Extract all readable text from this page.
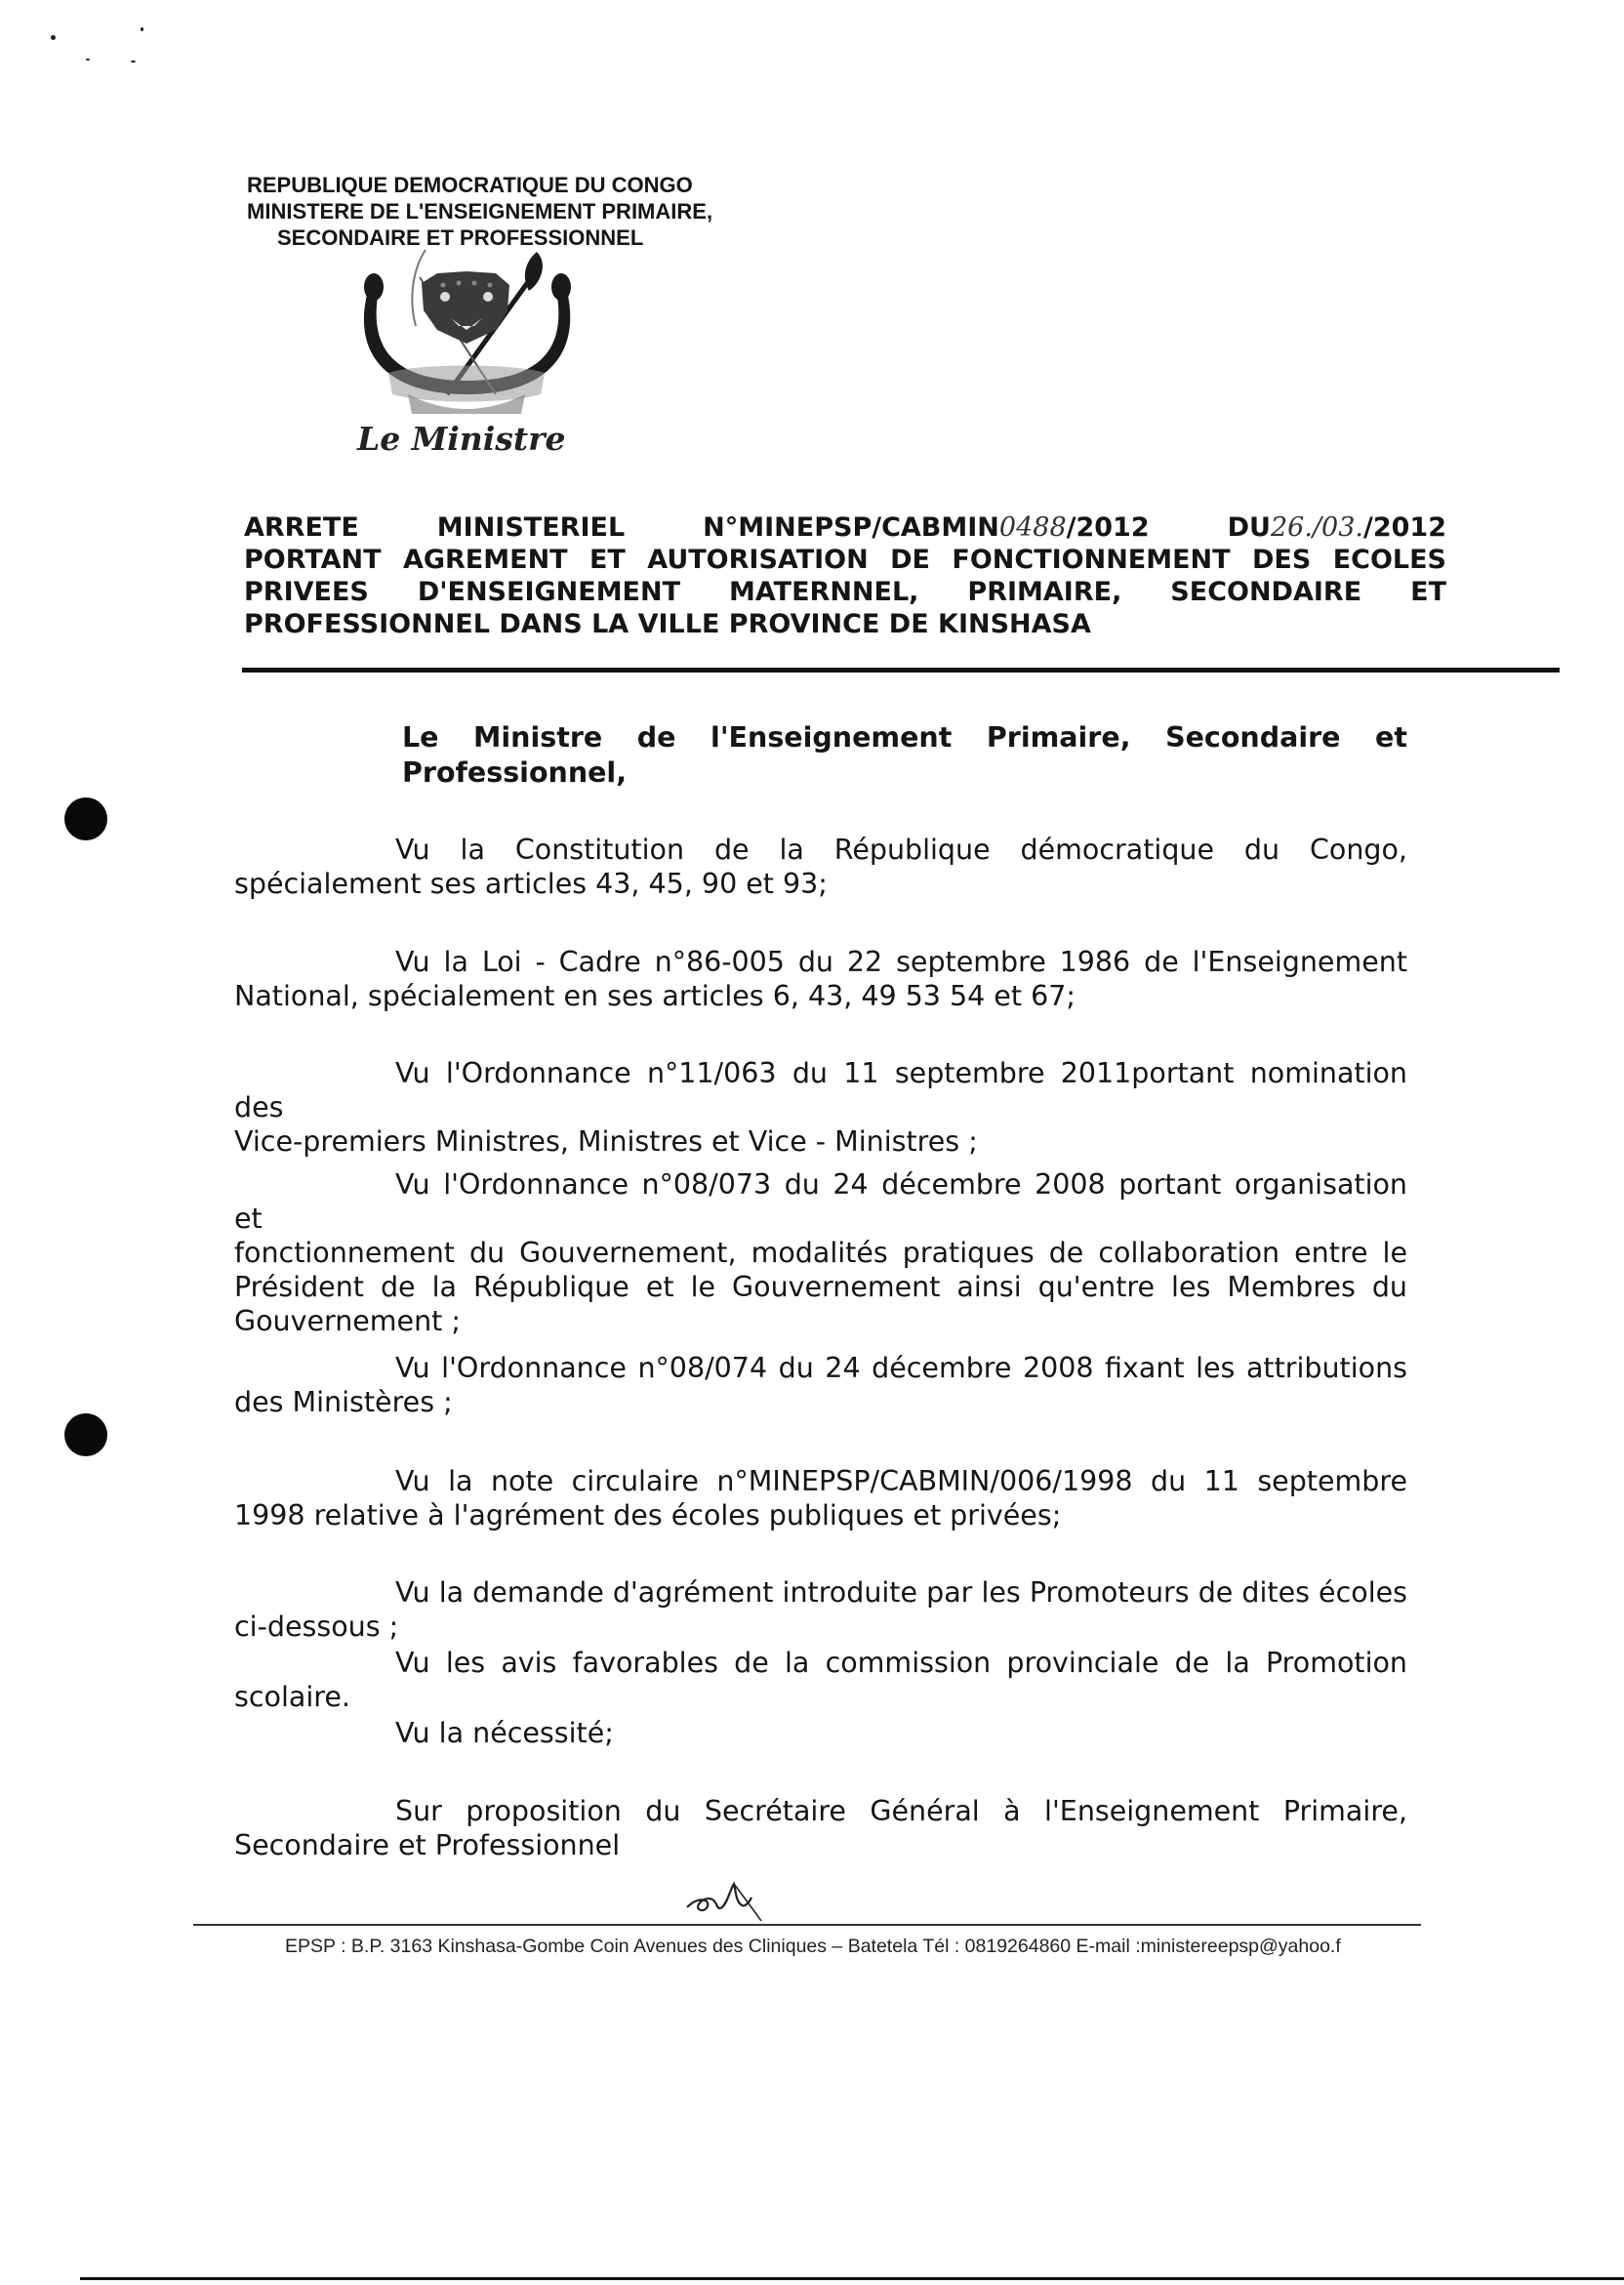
REPUBLIQUE DEMOCRATIQUE DU CONGO
MINISTERE DE L'ENSEIGNEMENT PRIMAIRE,
SECONDAIRE ET PROFESSIONNEL
Le Ministre
ARRETE	MINISTERIEL	N°MINEPSP/CABMIN0488/2012	DU26./03./2012
PORTANT AGREMENT ET AUTORISATION DE FONCTIONNEMENT DES ECOLES
PRIVEES D'ENSEIGNEMENT MATERNNEL, PRIMAIRE, SECONDAIRE ET
PROFESSIONNEL DANS LA VILLE PROVINCE DE KINSHASA
Le Ministre de l'Enseignement Primaire, Secondaire et
Professionnel,
Vu la Constitution de la République démocratique du Congo,
spécialement ses articles 43, 45, 90 et 93;
Vu la Loi - Cadre n°86-005 du 22 septembre 1986 de l'Enseignement
National, spécialement en ses articles 6, 43, 49 53 54 et 67;
Vu l'Ordonnance n°11/063 du 11 septembre 2011portant nomination des
Vice-premiers Ministres, Ministres et Vice - Ministres ;
Vu l'Ordonnance n°08/073 du 24 décembre 2008 portant organisation et
fonctionnement du Gouvernement, modalités pratiques de collaboration entre le
Président de la République et le Gouvernement ainsi qu'entre les Membres du
Gouvernement ;
Vu l'Ordonnance n°08/074 du 24 décembre 2008 fixant les attributions
des Ministères ;
Vu la note circulaire n°MINEPSP/CABMIN/006/1998 du 11 septembre
1998 relative à l'agrément des écoles publiques et privées;
Vu la demande d'agrément introduite par les Promoteurs de dites écoles
ci-dessous ;
Vu les avis favorables de la commission provinciale de la Promotion
scolaire.
Vu la nécessité;
Sur proposition du Secrétaire Général à l'Enseignement Primaire,
Secondaire et Professionnel
EPSP : B.P. 3163 Kinshasa-Gombe Coin Avenues des Cliniques – Batetela Tél : 0819264860 E-mail :ministereepsp@yahoo.f
